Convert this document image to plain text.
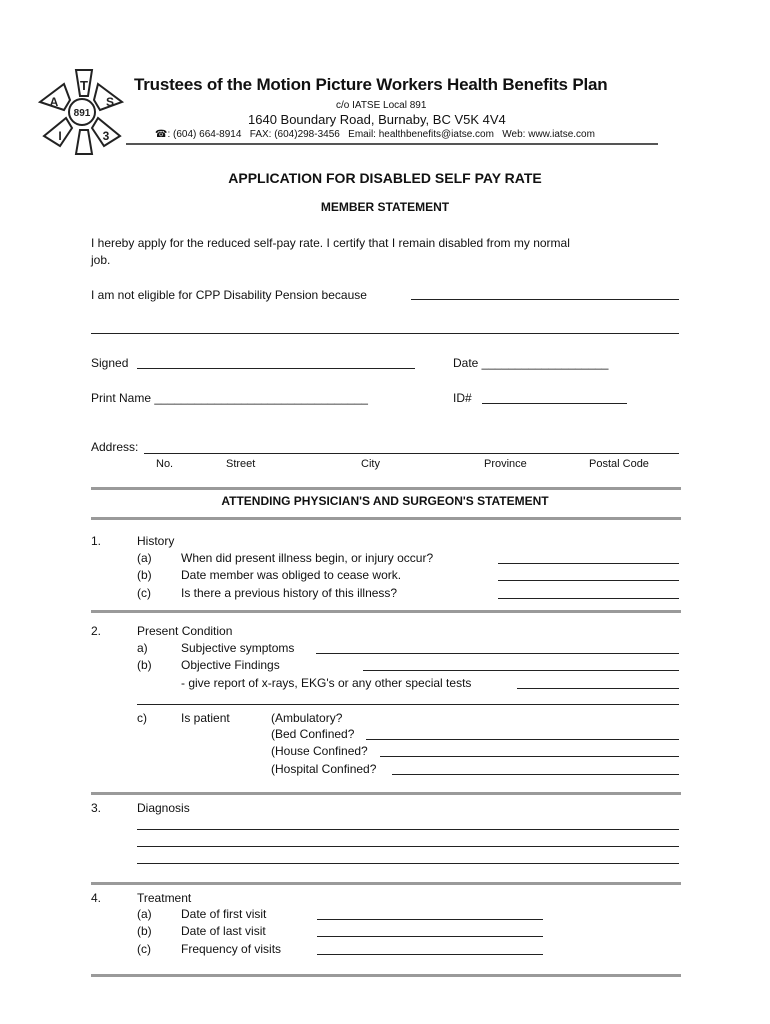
T
A	S
I	3
891
Trustees of the Motion Picture Workers Health Benefits Plan
c/o IATSE Local 891
1640 Boundary Road, Burnaby, BC V5K 4V4
☎: (604) 664-8914 FAX: (604)298-3456 Email: healthbenefits@iatse.com Web: www.iatse.com
APPLICATION FOR DISABLED SELF PAY RATE
MEMBER STATEMENT
I hereby apply for the reduced self-pay rate. I certify that I remain disabled from my normal
job.
I am not eligible for CPP Disability Pension because
Signed	Date ___________________
Print Name ________________________________	ID#
Address:
No.	Street	City	Province	Postal Code
ATTENDING PHYSICIAN'S AND SURGEON'S STATEMENT
1.	History
(a) When did present illness begin, or injury occur?
(b) Date member was obliged to cease work.
(c)	Is there a previous history of this illness?
2.	Present Condition
a)	Subjective symptoms
(b) Objective Findings
- give report of x-rays, EKG's or any other special tests
c)	Is patient	(Ambulatory?
(Bed Confined?
(House Confined?
(Hospital Confined?
3.	Diagnosis
4.	Treatment
(a) Date of first visit
(b) Date of last visit
(c)	Frequency of visits
